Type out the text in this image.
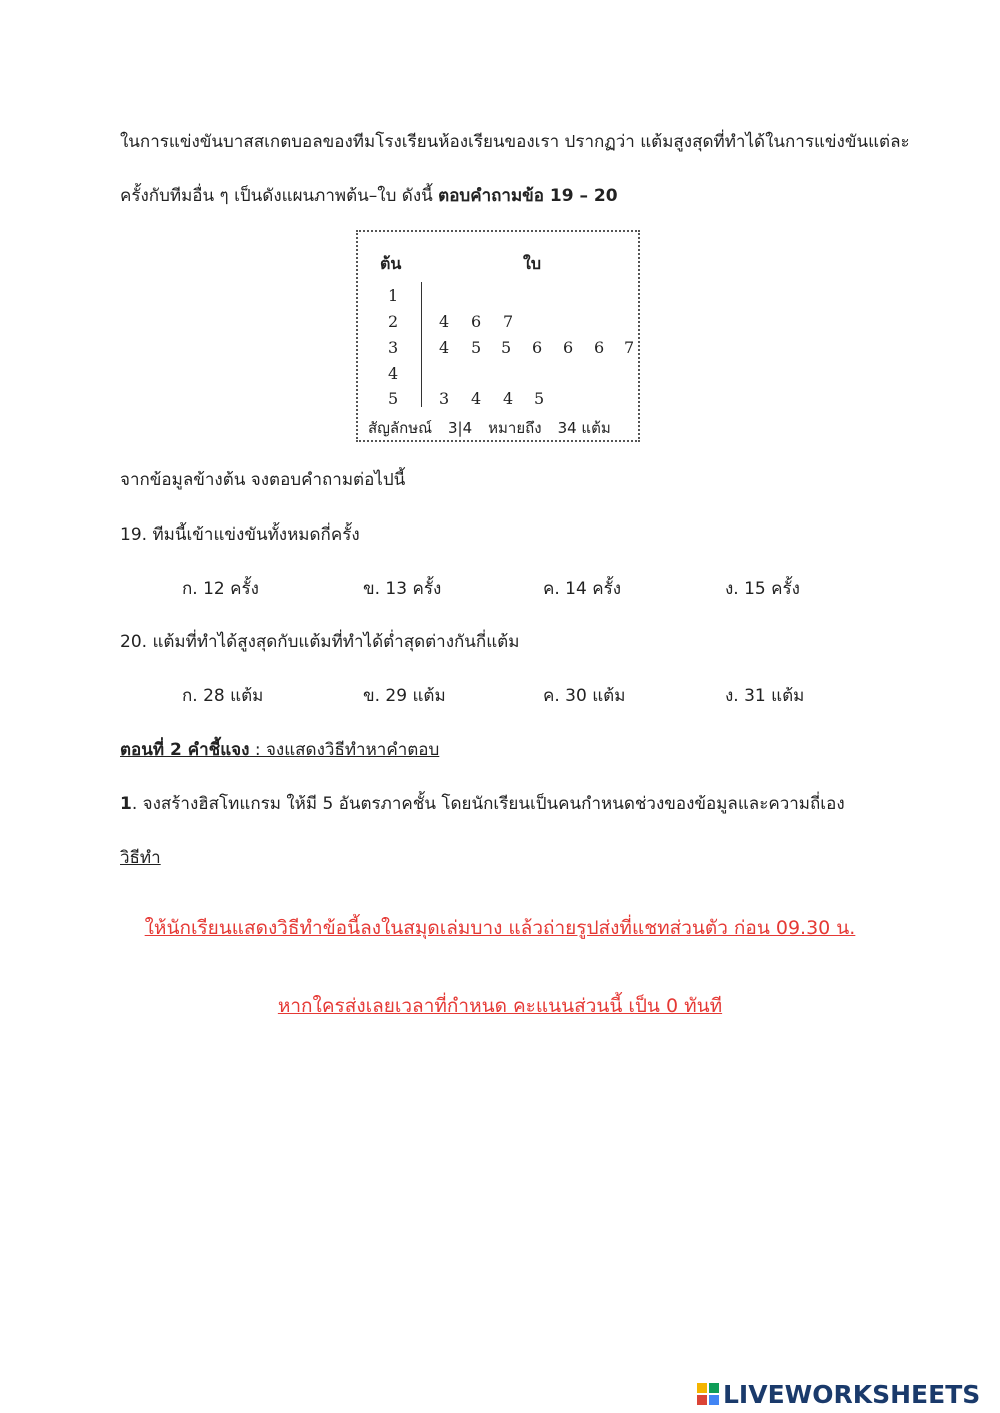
ในการแข่งขันบาสสเกตบอลของทีมโรงเรียนห้องเรียนของเรา ปรากฏว่า แต้มสูงสุดที่ทำได้ในการแข่งขันแต่ละ
ครั้งกับทีมอื่น ๆ เป็นดังแผนภาพต้น–ใบ ดังนี้ ตอบคำถามข้อ 19 – 20
ต้น	ใบ
1
2	4 6 7
3	4 5 5 6 6 6 7
4
5	3 4 4 5
สัญลักษณ์ 3|4 หมายถึง 34 แต้ม
จากข้อมูลข้างต้น จงตอบคำถามต่อไปนี้
19. ทีมนี้เข้าแข่งขันทั้งหมดกี่ครั้ง
ก. 12 ครั้ง	ข. 13 ครั้ง	ค. 14 ครั้ง	ง. 15 ครั้ง
20. แต้มที่ทำได้สูงสุดกับแต้มที่ทำได้ต่ำสุดต่างกันกี่แต้ม
ก. 28 แต้ม	ข. 29 แต้ม	ค. 30 แต้ม	ง. 31 แต้ม
ตอนที่ 2 คำชี้แจง : จงแสดงวิธีทำหาคำตอบ
1. จงสร้างฮิสโทแกรม ให้มี 5 อันตรภาคชั้น โดยนักเรียนเป็นคนกำหนดช่วงของข้อมูลและความถี่เอง
วิธีทำ
ให้นักเรียนแสดงวิธีทำข้อนี้ลงในสมุดเล่มบาง แล้วถ่ายรูปส่งที่แชทส่วนตัว ก่อน 09.30 น.
หากใครส่งเลยเวลาที่กำหนด คะแนนส่วนนี้ เป็น 0 ทันที
LIVEWORKSHEETS
